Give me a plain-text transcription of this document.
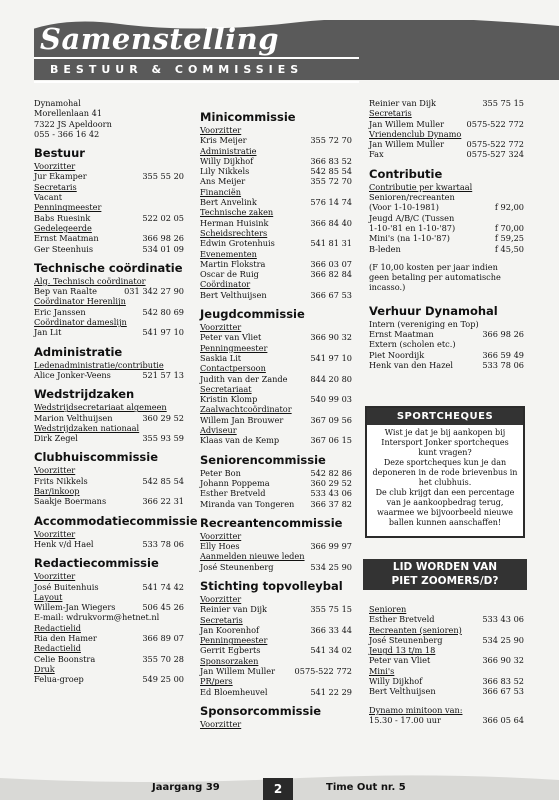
Samenstelling
BESTUUR & COMMISSIES
Dynamohal
Morellenlaan 41
7322 JS Apeldoorn
055 - 366 16 42
Bestuur
Voorzitter
Jur Ekamper	355 55 20
Secretaris
Vacant
Penningmeester
Babs Ruesink	522 02 05
Gedelegeerde
Ernst Maatman	366 98 26
Ger Steenhuis	534 01 09
Technische coördinatie
Alg. Technisch coördinator
Bep van Raalte	031 342 27 90
Coördinator Herenlijn
Eric Janssen	542 80 69
Coördinator dameslijn
Jan Lit	541 97 10
Administratie
Ledenadministratie/contributie
Alice Jonker-Veens	521 57 13
Wedstrijdzaken
Wedstrijdsecretariaat algemeen
Marion Velthuijsen	360 29 52
Wedstrijdzaken nationaal
Dirk Zegel	355 93 59
Clubhuiscommissie
Voorzitter
Frits Nikkels	542 85 54
Bar/inkoop
Saakje Boermans	366 22 31
Accommodatiecommissie
Voorzitter
Henk v/d Hael	533 78 06
Redactiecommissie
Voorzitter
José Buitenhuis	541 74 42
Layout
Willem-Jan Wiegers	506 45 26
E-mail: wdrukvorm@hetnet.nl
Redactielid
Ria den Hamer	366 89 07
Redactielid
Celie Boonstra	355 70 28
Druk
Felua-groep	549 25 00
Minicommissie
Voorzitter
Kris Meijer	355 72 70
Administratie
Willy Dijkhof	366 83 52
Lily Nikkels	542 85 54
Ans Meijer	355 72 70
Financiën
Bert Anvelink	576 14 74
Technische zaken
Herman Huisink	366 84 40
Scheidsrechters
Edwin Grotenhuis	541 81 31
Evenementen
Martin Flokstra	366 03 07
Oscar de Ruig	366 82 84
Coördinator
Bert Velthuijsen	366 67 53
Jeugdcommissie
Voorzitter
Peter van Vliet	366 90 32
Penningmeester
Saskia Lit	541 97 10
Contactpersoon
Judith van der Zande	844 20 80
Secretariaat
Kristin Klomp	540 99 03
Zaalwachtcoördinator
Willem Jan Brouwer	367 09 56
Adviseur
Klaas van de Kemp	367 06 15
Seniorencommissie
Peter Bon	542 82 86
Johann Poppema	360 29 52
Esther Bretveld	533 43 06
Miranda van Tongeren 366 37 82
Recreantencommissie
Voorzitter
Elly Hoes	366 99 97
Aanmelden nieuwe leden
José Steunenberg	534 25 90
Stichting topvolleybal
Voorzitter
Reinier van Dijk	355 75 15
Secretaris
Jan Koorenhof	366 33 44
Penningmeester
Gerrit Egberts	541 34 02
Sponsorzaken
Jan Willem Muller 0575-522 772
PR/pers
Ed Bloemheuvel	541 22 29
Sponsorcommissie
Voorzitter
Reinier van Dijk	355 75 15
Secretaris
Jan Willem Muller	0575-522 772
Vriendenclub Dynamo
Jan Willem Muller	0575-522 772
Fax	0575-527 324
Contributie
Contributie per kwartaal
Senioren/recreanten
(Voor 1-10-1981)	f 92,00
Jeugd A/B/C (Tussen
1-10-'81 en 1-10-'87)	f 70,00
Mini's (na 1-10-'87)	f 59,25
B-leden	f 45,50
(F 10,00 kosten per jaar indien
geen betaling per automatische
incasso.)
Verhuur Dynamohal
Intern (vereniging en Top)
Ernst Maatman	366 98 26
Extern (scholen etc.)
Piet Noordijk	366 59 49
Henk van den Hazel	533 78 06
SPORTCHEQUES
Wist je dat je bij aankopen bij
Intersport Jonker sportcheques
kunt vragen?
Deze sportcheques kun je dan
deponeren in de rode brievenbus in
het clubhuis.
De club krijgt dan een percentage
van je aankoopbedrag terug,
waarmee we bijvoorbeeld nieuwe
ballen kunnen aanschaffen!
LID WORDEN VAN
PIET ZOOMERS/D?
Senioren
Esther Bretveld	533 43 06
Recreanten (senioren)
José Steunenberg	534 25 90
Jeugd 13 t/m 18
Peter van Vliet	366 90 32
Mini's
Willy Dijkhof	366 83 52
Bert Velthuijsen	366 67 53
Dynamo minitoon van:
15.30 - 17.00 uur	366 05 64
Jaargang 39	2	Time Out nr. 5
